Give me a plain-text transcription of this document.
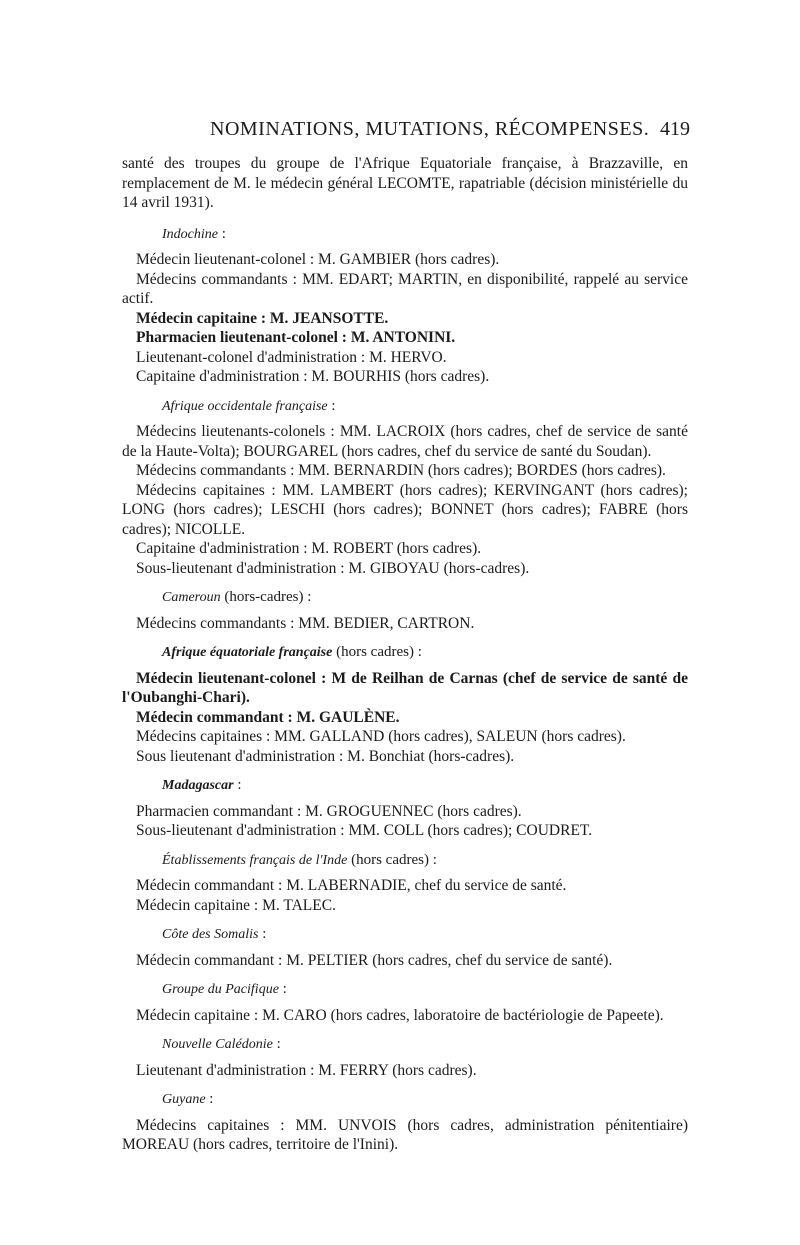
NOMINATIONS, MUTATIONS, RÉCOMPENSES. 419

santé des troupes du groupe de l'Afrique Equatoriale française, à Brazzaville, en remplacement de M. le médecin général LECOMTE, rapatriable (décision ministérielle du 14 avril 1931).

Indochine :

Médecin lieutenant-colonel : M. GAMBIER (hors cadres).

Médecins commandants : MM. EDART; MARTIN, en disponibilité, rappelé au service actif.

Médecin capitaine : M. JEANSOTTE.

Pharmacien lieutenant-colonel : M. ANTONINI.

Lieutenant-colonel d'administration : M. HERVO.

Capitaine d'administration : M. BOURHIS (hors cadres).

Afrique occidentale française :

Médecins lieutenants-colonels : MM. LACROIX (hors cadres, chef de service de santé de la Haute-Volta); BOURGAREL (hors cadres, chef du service de santé du Soudan).

Médecins commandants : MM. BERNARDIN (hors cadres); BORDES (hors cadres).

Médecins capitaines : MM. LAMBERT (hors cadres); KERVINGANT (hors cadres); LONG (hors cadres); LESCHI (hors cadres); BONNET (hors cadres); FABRE (hors cadres); NICOLLE.

Capitaine d'administration : M. ROBERT (hors cadres).

Sous-lieutenant d'administration : M. GIBOYAU (hors-cadres).

Cameroun (hors-cadres) :

Médecins commandants : MM. BEDIER, CARTRON.

Afrique équatoriale française (hors cadres) :

Médecin lieutenant-colonel : M de Reilhan de Carnas (chef de service de santé de l'Oubanghi-Chari).

Médecin commandant : M. GAULÈNE.

Médecins capitaines : MM. GALLAND (hors cadres), SALEUN (hors cadres).

Sous lieutenant d'administration : M. Bonchiat (hors-cadres).

Madagascar :

Pharmacien commandant : M. GROGUENNEC (hors cadres).

Sous-lieutenant d'administration : MM. COLL (hors cadres); COUDRET.

Établissements français de l'Inde (hors cadres) :

Médecin commandant : M. LABERNADIE, chef du service de santé.

Médecin capitaine : M. TALEC.

Côte des Somalis :

Médecin commandant : M. PELTIER (hors cadres, chef du service de santé).

Groupe du Pacifique :

Médecin capitaine : M. CARO (hors cadres, laboratoire de bactériologie de Papeete).

Nouvelle Calédonie :

Lieutenant d'administration : M. FERRY (hors cadres).

Guyane :

Médecins capitaines : MM. UNVOIS (hors cadres, administration pénitentiaire) MOREAU (hors cadres, territoire de l'Inini).
